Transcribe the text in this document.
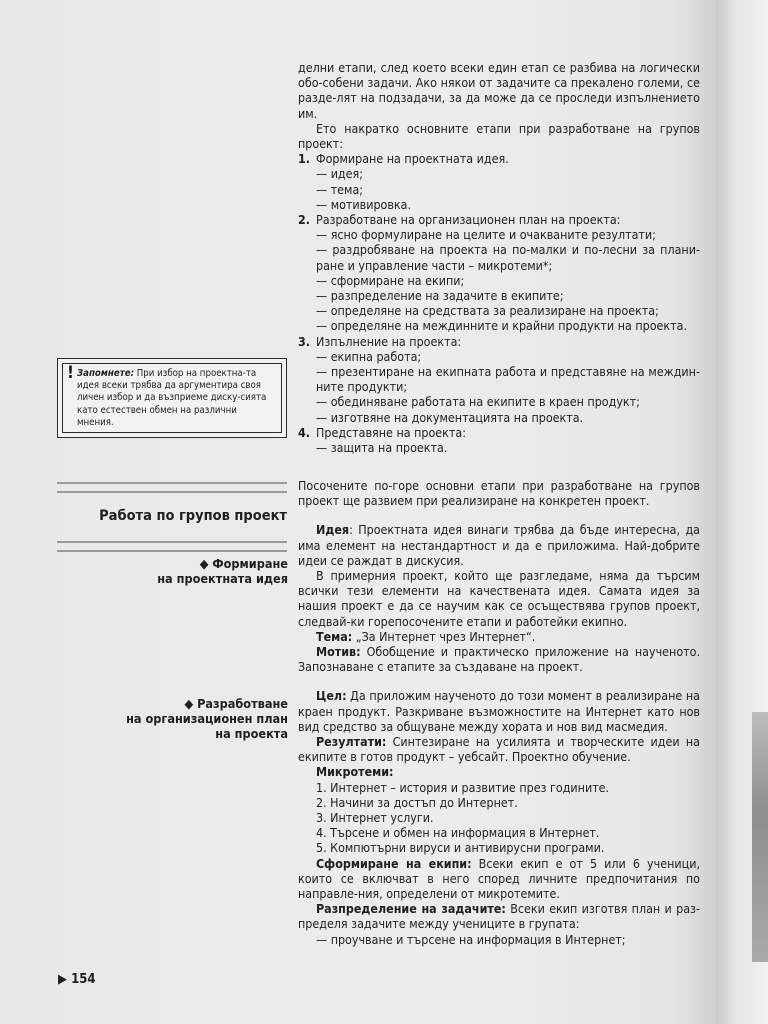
! Запомнете: При избор на проектна-та идея всеки трябва да аргументира своя личен избор и да възприеме диску-сията като естествен обмен на различни мнения.
Работа по групов проект
◆ Формиране
на проектната идея
◆ Разработване
на организационен план
на проекта

делни етапи, след което всеки един етап се разбива на логически обо-собени задачи. Ако някои от задачите са прекалено големи, се разде-лят на подзадачи, за да може да се проследи изпълнението им.

Ето накратко основните етапи при разработване на групов проект:

1. Формиране на проектната идея.

— идея;

— тема;

— мотивировка.

2. Разработване на организационен план на проекта:

— ясно формулиране на целите и очакваните резултати;

— раздробяване на проекта на по-малки и по-лесни за плани-ране и управление части – микротеми*;

— сформиране на екипи;

— разпределение на задачите в екипите;

— определяне на средствата за реализиране на проекта;

— определяне на междинните и крайни продукти на проекта.

3. Изпълнение на проекта:

— екипна работа;

— презентиране на екипната работа и представяне на междин-ните продукти;

— обединяване работата на екипите в краен продукт;

— изготвяне на документацията на проекта.

4. Представяне на проекта:

— защита на проекта.

Посочените по-горе основни етапи при разработване на групов проект ще развием при реализиране на конкретен проект.

Идея: Проектната идея винаги трябва да бъде интересна, да има елемент на нестандартност и да е приложима. Най-добрите идеи се раждат в дискусия.

В примерния проект, който ще разгледаме, няма да търсим всички тези елементи на качествената идея. Самата идея за нашия проект е да се научим как се осъществява групов проект, следвай-ки горепосочените етапи и работейки екипно.

Тема: „За Интернет чрез Интернет“.

Мотив: Обобщение и практическо приложение на наученото. Запознаване с етапите за създаване на проект.

Цел: Да приложим наученото до този момент в реализиране на краен продукт. Разкриване възможностите на Интернет като нов вид средство за общуване между хората и нов вид масмедия.

Резултати: Синтезиране на усилията и творческите идеи на екипите в готов продукт – уебсайт. Проектно обучение.

Микротеми:

1. Интернет – история и развитие през годините.

2. Начини за достъп до Интернет.

3. Интернет услуги.

4. Търсене и обмен на информация в Интернет.

5. Компютърни вируси и антивирусни програми.

Сформиране на екипи: Всеки екип е от 5 или 6 ученици, които се включват в него според личните предпочитания по направле-ния, определени от микротемите.

Разпределение на задачите: Всеки екип изготвя план и раз-пределя задачите между учениците в групата:

— проучване и търсене на информация в Интернет;

▶ 154
